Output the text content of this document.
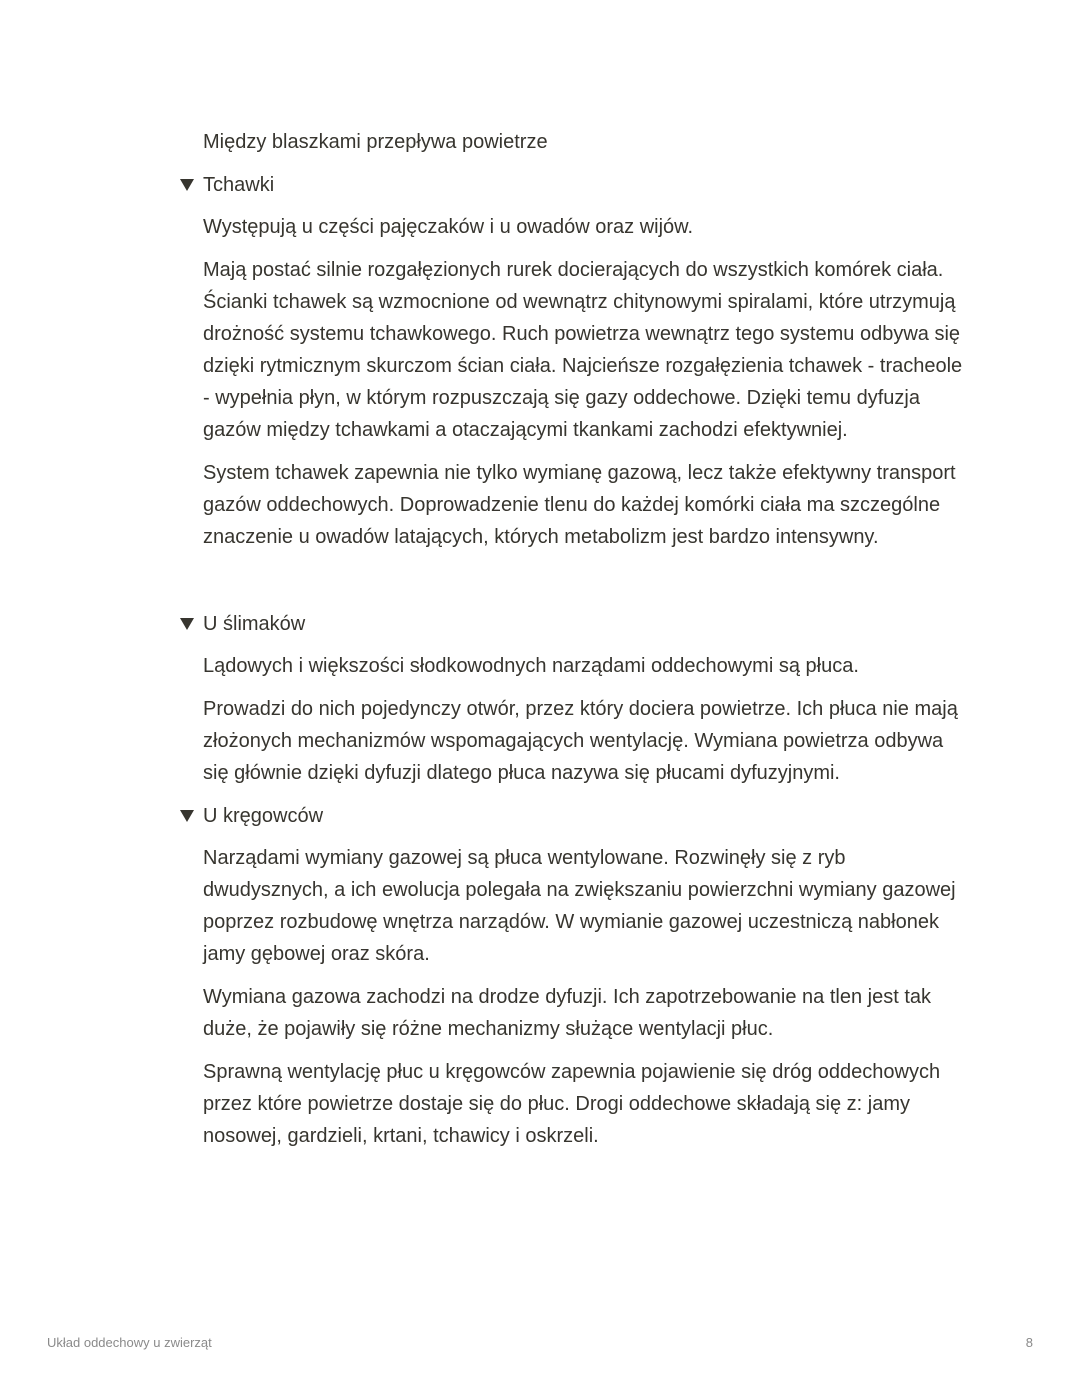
Między blaszkami przepływa powietrze

Tchawki

Występują u części pajęczaków i u owadów oraz wijów.

Mają postać silnie rozgałęzionych rurek docierających do wszystkich komórek ciała. Ścianki tchawek są wzmocnione od wewnątrz chitynowymi spiralami, które utrzymują drożność systemu tchawkowego. Ruch powietrza wewnątrz tego systemu odbywa się dzięki rytmicznym skurczom ścian ciała. Najcieńsze rozgałęzienia tchawek - tracheole - wypełnia płyn, w którym rozpuszczają się gazy oddechowe. Dzięki temu dyfuzja gazów między tchawkami a otaczającymi tkankami zachodzi efektywniej.

System tchawek zapewnia nie tylko wymianę gazową, lecz także efektywny transport gazów oddechowych. Doprowadzenie tlenu do każdej komórki ciała ma szczególne znaczenie u owadów latających, których metabolizm jest bardzo intensywny.

U ślimaków

Lądowych i większości słodkowodnych narządami oddechowymi są płuca.

Prowadzi do nich pojedynczy otwór, przez który dociera powietrze. Ich płuca nie mają złożonych mechanizmów wspomagających wentylację. Wymiana powietrza odbywa się głównie dzięki dyfuzji dlatego płuca nazywa się płucami dyfuzyjnymi.

U kręgowców

Narządami wymiany gazowej są płuca wentylowane. Rozwinęły się z ryb dwudysznych, a ich ewolucja polegała na zwiększaniu powierzchni wymiany gazowej poprzez rozbudowę wnętrza narządów. W wymianie gazowej uczestniczą nabłonek jamy gębowej oraz skóra.

Wymiana gazowa zachodzi na drodze dyfuzji. Ich zapotrzebowanie na tlen jest tak duże, że pojawiły się różne mechanizmy służące wentylacji płuc.

Sprawną wentylację płuc u kręgowców zapewnia pojawienie się dróg oddechowych przez które powietrze dostaje się do płuc. Drogi oddechowe składają się z: jamy nosowej, gardzieli, krtani, tchawicy i oskrzeli.

Układ oddechowy u zwierząt	8
